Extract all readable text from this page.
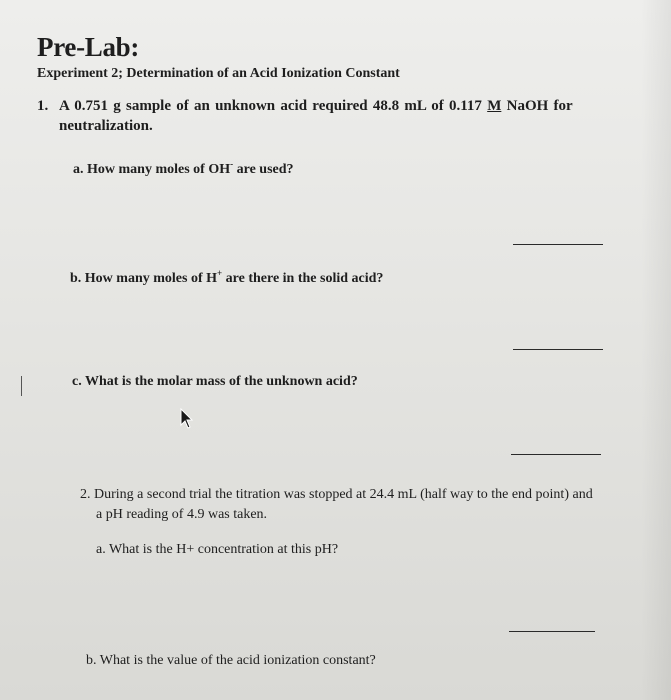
Pre-Lab:
Experiment 2; Determination of an Acid Ionization Constant
1. A 0.751 g sample of an unknown acid required 48.8 mL of 0.117 M NaOH for
neutralization.
a. How many moles of OH- are used?
b. How many moles of H+ are there in the solid acid?
c. What is the molar mass of the unknown acid?
2. During a second trial the titration was stopped at 24.4 mL (half way to the end point) and
a pH reading of 4.9 was taken.
a. What is the H+ concentration at this pH?
b. What is the value of the acid ionization constant?
